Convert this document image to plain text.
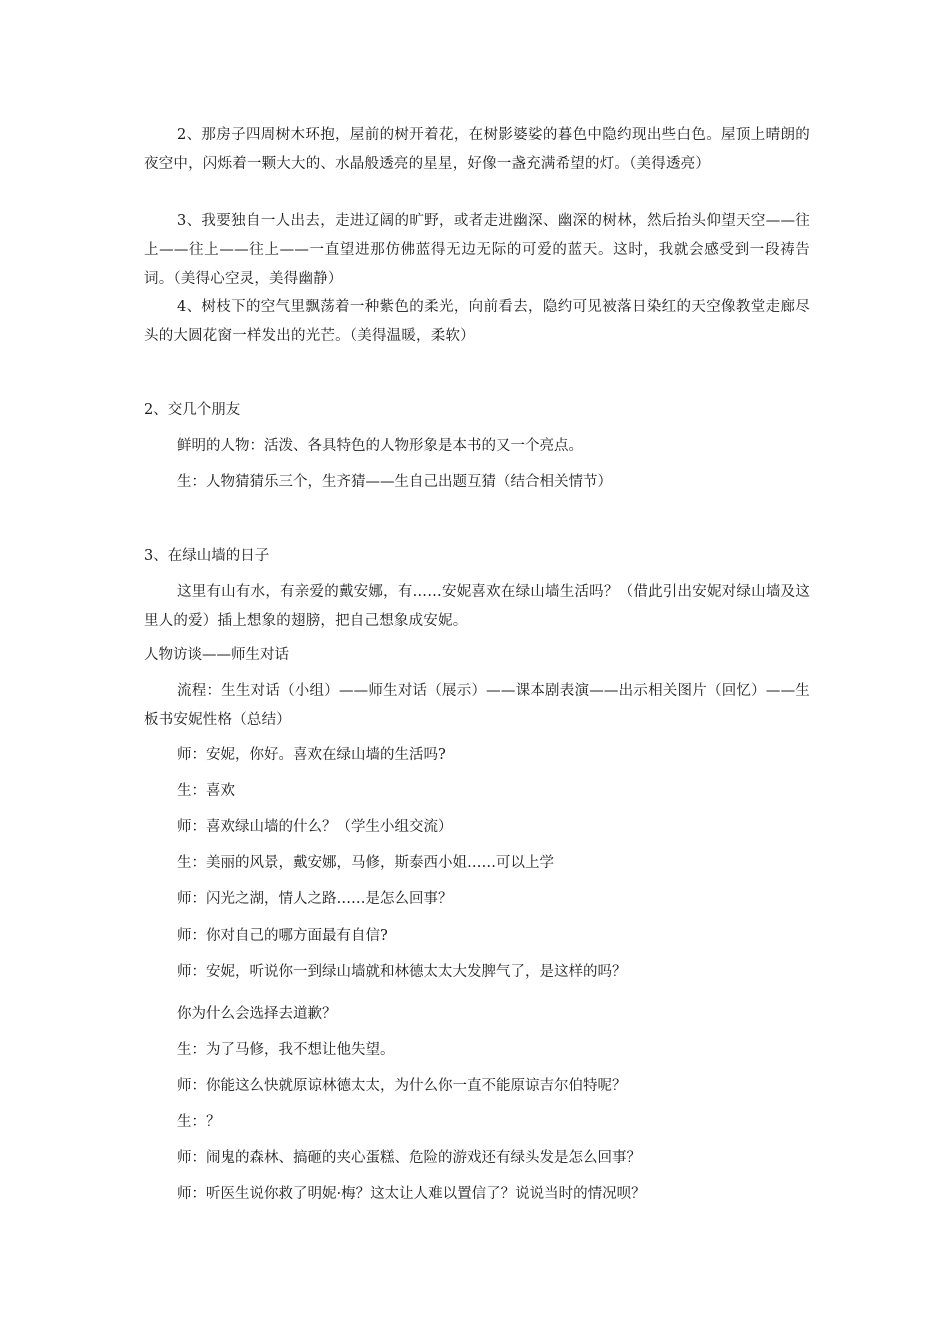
2、那房子四周树木环抱，屋前的树开着花，在树影婆娑的暮色中隐约现出些白色。屋顶上晴朗的夜空中，闪烁着一颗大大的、水晶般透亮的星星，好像一盏充满希望的灯。（美得透亮）

3、我要独自一人出去，走进辽阔的旷野，或者走进幽深、幽深的树林，然后抬头仰望天空——往上——往上——往上——一直望进那仿佛蓝得无边无际的可爱的蓝天。这时，我就会感受到一段祷告词。（美得心空灵，美得幽静）

4、树枝下的空气里飘荡着一种紫色的柔光，向前看去，隐约可见被落日染红的天空像教堂走廊尽头的大圆花窗一样发出的光芒。（美得温暖，柔软）

2、交几个朋友

鲜明的人物：活泼、各具特色的人物形象是本书的又一个亮点。

生：人物猜猜乐三个，生齐猜——生自己出题互猜（结合相关情节）

3、在绿山墙的日子

这里有山有水，有亲爱的戴安娜，有……安妮喜欢在绿山墙生活吗？（借此引出安妮对绿山墙及这里人的爱）插上想象的翅膀，把自己想象成安妮。

人物访谈——师生对话

流程：生生对话（小组）——师生对话（展示）——课本剧表演——出示相关图片（回忆）——生板书安妮性格（总结）

师：安妮，你好。喜欢在绿山墙的生活吗?

生：喜欢

师：喜欢绿山墙的什么？（学生小组交流）

生：美丽的风景，戴安娜，马修，斯泰西小姐……可以上学

师：闪光之湖，情人之路……是怎么回事？

师：你对自己的哪方面最有自信?

师：安妮，听说你一到绿山墙就和林德太太大发脾气了，是这样的吗？

你为什么会选择去道歉？

生：为了马修，我不想让他失望。

师：你能这么快就原谅林德太太，为什么你一直不能原谅吉尔伯特呢？

生：？

师：闹鬼的森林、搞砸的夹心蛋糕、危险的游戏还有绿头发是怎么回事？

师：听医生说你救了明妮·梅？这太让人难以置信了？说说当时的情况呗？
